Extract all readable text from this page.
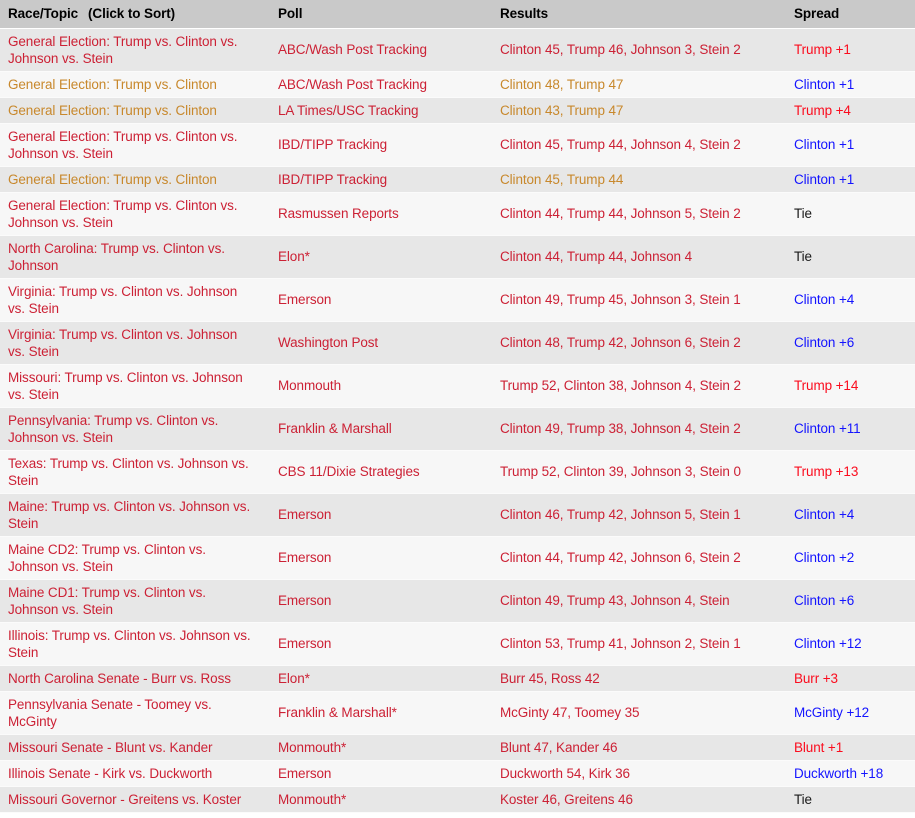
Race/Topic (Click to Sort)	Poll	Results	Spread
General Election: Trump vs. Clinton vs. Johnson vs. Stein	ABC/Wash Post Tracking	Clinton 45, Trump 46, Johnson 3, Stein 2	Trump +1
General Election: Trump vs. Clinton	ABC/Wash Post Tracking	Clinton 48, Trump 47	Clinton +1
General Election: Trump vs. Clinton	LA Times/USC Tracking	Clinton 43, Trump 47	Trump +4
General Election: Trump vs. Clinton vs. Johnson vs. Stein	IBD/TIPP Tracking	Clinton 45, Trump 44, Johnson 4, Stein 2	Clinton +1
General Election: Trump vs. Clinton	IBD/TIPP Tracking	Clinton 45, Trump 44	Clinton +1
General Election: Trump vs. Clinton vs. Johnson vs. Stein	Rasmussen Reports	Clinton 44, Trump 44, Johnson 5, Stein 2	Tie
North Carolina: Trump vs. Clinton vs. Johnson	Elon*	Clinton 44, Trump 44, Johnson 4	Tie
Virginia: Trump vs. Clinton vs. Johnson vs. Stein	Emerson	Clinton 49, Trump 45, Johnson 3, Stein 1	Clinton +4
Virginia: Trump vs. Clinton vs. Johnson vs. Stein	Washington Post	Clinton 48, Trump 42, Johnson 6, Stein 2	Clinton +6
Missouri: Trump vs. Clinton vs. Johnson vs. Stein	Monmouth	Trump 52, Clinton 38, Johnson 4, Stein 2	Trump +14
Pennsylvania: Trump vs. Clinton vs. Johnson vs. Stein	Franklin & Marshall	Clinton 49, Trump 38, Johnson 4, Stein 2	Clinton +11
Texas: Trump vs. Clinton vs. Johnson vs. Stein	CBS 11/Dixie Strategies	Trump 52, Clinton 39, Johnson 3, Stein 0	Trump +13
Maine: Trump vs. Clinton vs. Johnson vs. Stein	Emerson	Clinton 46, Trump 42, Johnson 5, Stein 1	Clinton +4
Maine CD2: Trump vs. Clinton vs. Johnson vs. Stein	Emerson	Clinton 44, Trump 42, Johnson 6, Stein 2	Clinton +2
Maine CD1: Trump vs. Clinton vs. Johnson vs. Stein	Emerson	Clinton 49, Trump 43, Johnson 4, Stein	Clinton +6
Illinois: Trump vs. Clinton vs. Johnson vs. Stein	Emerson	Clinton 53, Trump 41, Johnson 2, Stein 1	Clinton +12
North Carolina Senate - Burr vs. Ross	Elon*	Burr 45, Ross 42	Burr +3
Pennsylvania Senate - Toomey vs. McGinty	Franklin & Marshall*	McGinty 47, Toomey 35	McGinty +12
Missouri Senate - Blunt vs. Kander	Monmouth*	Blunt 47, Kander 46	Blunt +1
Illinois Senate - Kirk vs. Duckworth	Emerson	Duckworth 54, Kirk 36	Duckworth +18
Missouri Governor - Greitens vs. Koster	Monmouth*	Koster 46, Greitens 46	Tie
